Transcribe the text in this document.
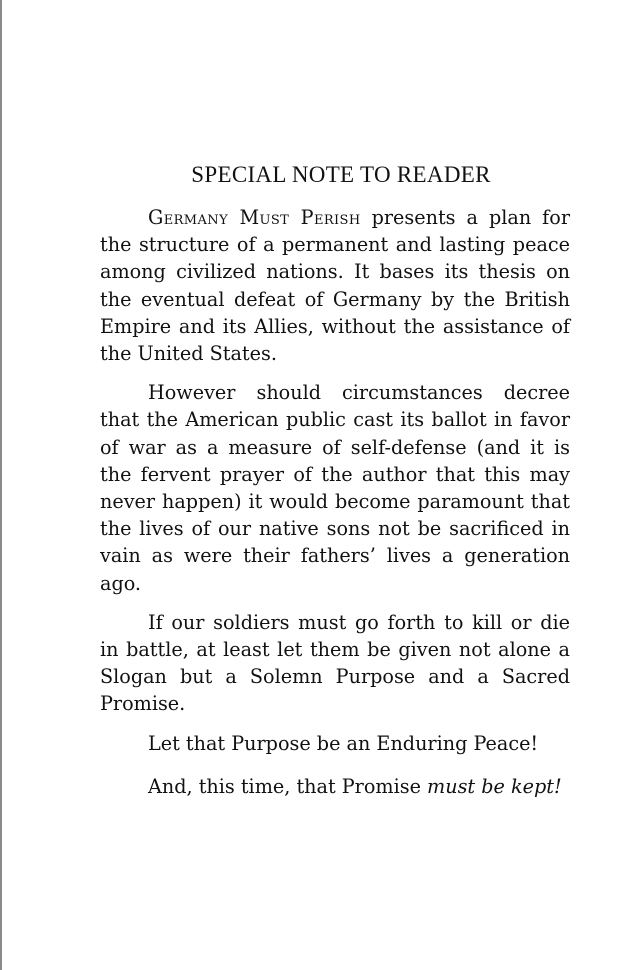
SPECIAL NOTE TO READER

Germany Must Perish presents a plan for the structure of a permanent and lasting peace among civilized nations. It bases its thesis on the eventual defeat of Germany by the British Empire and its Allies, without the assistance of the United States.

However should circumstances decree that the American public cast its ballot in favor of war as a measure of self-defense (and it is the fervent prayer of the author that this may never happen) it would become paramount that the lives of our native sons not be sacrificed in vain as were their fathers’ lives a generation ago.

If our soldiers must go forth to kill or die in battle, at least let them be given not alone a Slogan but a Solemn Purpose and a Sacred Promise.

Let that Purpose be an Enduring Peace!

And, this time, that Promise must be kept!
